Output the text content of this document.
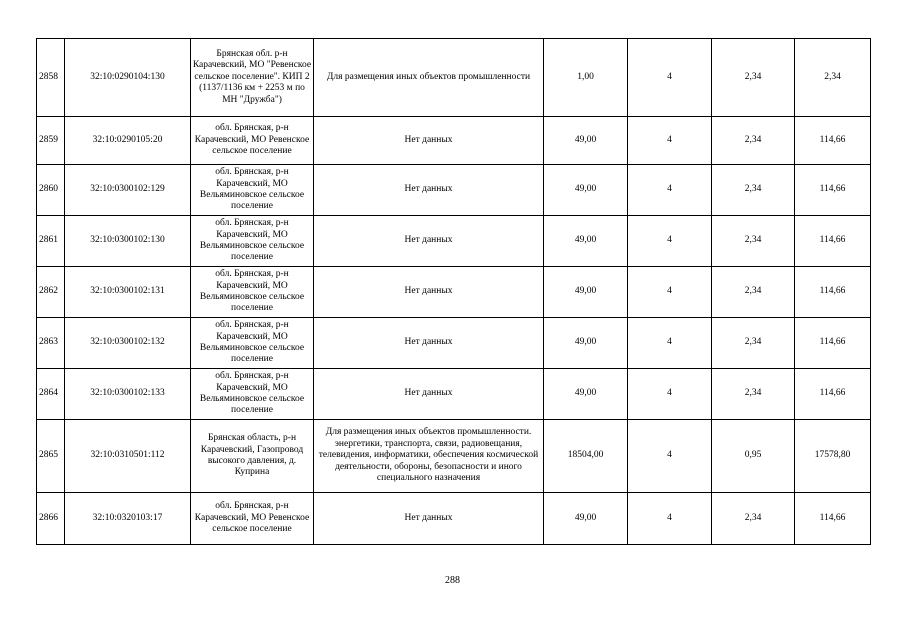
2858	32:10:0290104:130	Брянская обл. р-н Карачевский, МО "Ревенское сельское поселение". КИП 2 (1137/1136 км + 2253 м по МН "Дружба")	Для размещения иных объектов промышленности	1,00	4	2,34	2,34
2859	32:10:0290105:20	обл. Брянская, р-н Карачевский, МО Ревенское сельское поселение	Нет данных	49,00	4	2,34	114,66
2860	32:10:0300102:129	обл. Брянская, р-н Карачевский, МО Вельяминовское сельское поселение	Нет данных	49,00	4	2,34	114,66
2861	32:10:0300102:130	обл. Брянская, р-н Карачевский, МО Вельяминовское сельское поселение	Нет данных	49,00	4	2,34	114,66
2862	32:10:0300102:131	обл. Брянская, р-н Карачевский, МО Вельяминовское сельское поселение	Нет данных	49,00	4	2,34	114,66
2863	32:10:0300102:132	обл. Брянская, р-н Карачевский, МО Вельяминовское сельское поселение	Нет данных	49,00	4	2,34	114,66
2864	32:10:0300102:133	обл. Брянская, р-н Карачевский, МО Вельяминовское сельское поселение	Нет данных	49,00	4	2,34	114,66
2865	32:10:0310501:112	Брянская область, р-н Карачевский, Газопровод высокого давления, д. Куприна	Для размещения иных объектов промышленности. энергетики, транспорта, связи, радиовещания, телевидения, информатики, обеспечения космической деятельности, обороны, безопасности и иного специального назначения	18504,00	4	0,95	17578,80
2866	32:10:0320103:17	обл. Брянская, р-н Карачевский, МО Ревенское сельское поселение	Нет данных	49,00	4	2,34	114,66
288
